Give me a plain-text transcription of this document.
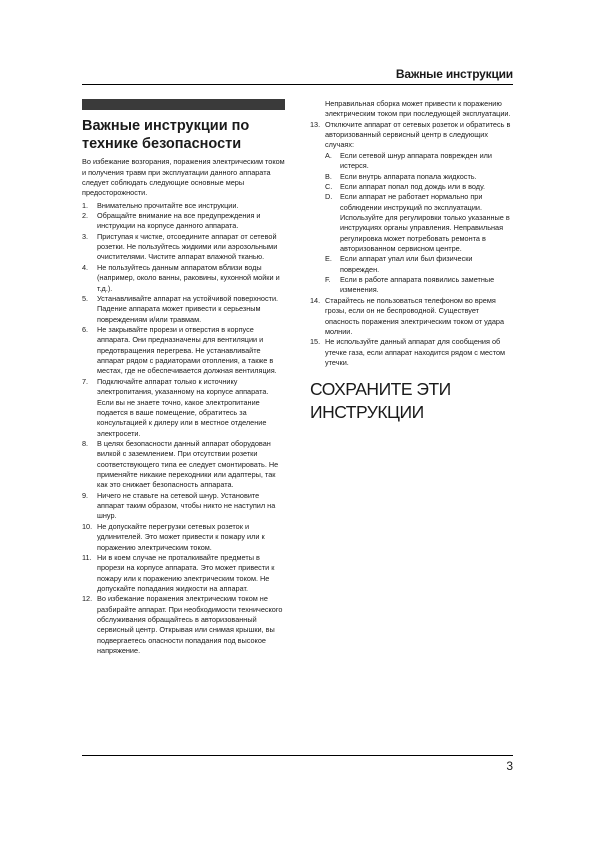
Важные инструкции
Важные инструкции по технике безопасности

Во избежание возгорания, поражения электрическим током и получения травм при эксплуатации данного аппарата следует соблюдать следующие основные меры предосторожности.

1. Внимательно прочитайте все инструкции.
2. Обращайте внимание на все предупреждения и инструкции на корпусе данного аппарата.
3. Приступая к чистке, отсоедините аппарат от сетевой розетки. Не пользуйтесь жидкими или аэрозольными очистителями. Чистите аппарат влажной тканью.
4. Не пользуйтесь данным аппаратом вблизи воды (например, около ванны, раковины, кухонной мойки и т.д.).
5. Устанавливайте аппарат на устойчивой поверхности. Падение аппарата может привести к серьезным повреждениям и/или травмам.
6. Не закрывайте прорези и отверстия в корпусе аппарата. Они предназначены для вентиляции и предотвращения перегрева. Не устанавливайте аппарат рядом с радиаторами отопления, а также в местах, где не обеспечивается должная вентиляция.
7. Подключайте аппарат только к источнику электропитания, указанному на корпусе аппарата. Если вы не знаете точно, какое электропитание подается в ваше помещение, обратитесь за консультацией к дилеру или в местное отделение электросети.
8. В целях безопасности данный аппарат оборудован вилкой с заземлением. При отсутствии розетки соответствующего типа ее следует смонтировать. Не применяйте никакие переходники или адаптеры, так как это снижает безопасность аппарата.
9. Ничего не ставьте на сетевой шнур. Установите аппарат таким образом, чтобы никто не наступил на шнур.
10. Не допускайте перегрузки сетевых розеток и удлинителей. Это может привести к пожару или к поражению электрическим током.
11. Ни в коем случае не проталкивайте предметы в прорези на корпусе аппарата. Это может привести к пожару или к поражению электрическим током. Не допускайте попадания жидкости на аппарат.
12. Во избежание поражения электрическим током не разбирайте аппарат. При необходимости технического обслуживания обращайтесь в авторизованный сервисный центр. Открывая или снимая крышки, вы подвергаетесь опасности попадания под высокое напряжение.

Неправильная сборка может привести к поражению электрическим током при последующей эксплуатации.

13. Отключите аппарат от сетевых розеток и обратитесь в авторизованный сервисный центр в следующих случаях:
A. Если сетевой шнур аппарата поврежден или истерся.
B. Если внутрь аппарата попала жидкость.
C. Если аппарат попал под дождь или в воду.
D. Если аппарат не работает нормально при соблюдении инструкций по эксплуатации. Используйте для регулировки только указанные в инструкциях органы управления. Неправильная регулировка может потребовать ремонта в авторизованном сервисном центре.
E. Если аппарат упал или был физически поврежден.
F. Если в работе аппарата появились заметные изменения.
14. Старайтесь не пользоваться телефоном во время грозы, если он не беспроводной. Существует опасность поражения электрическим током от удара молнии.
15. Не используйте данный аппарат для сообщения об утечке газа, если аппарат находится рядом с местом утечки.
СОХРАНИТЕ ЭТИ ИНСТРУКЦИИ
3
